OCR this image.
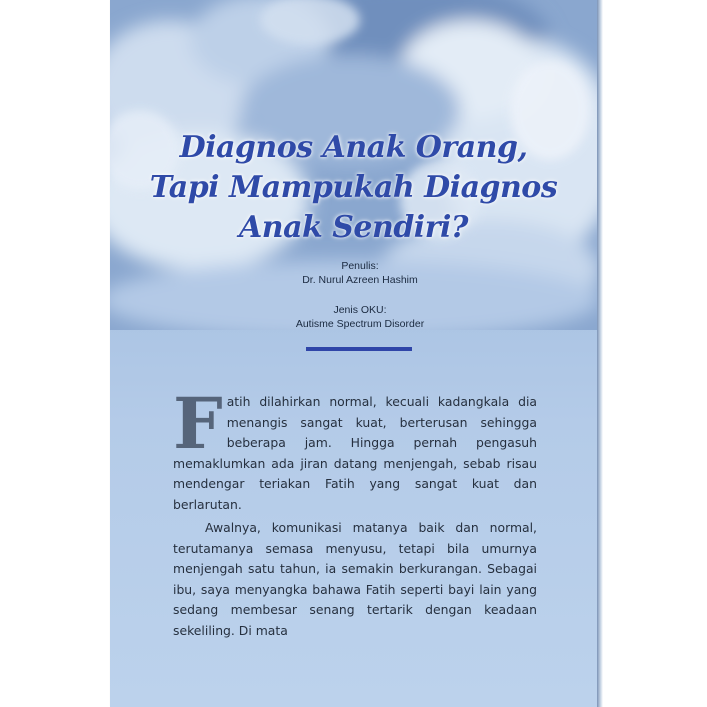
Diagnos Anak Orang,
Tapi Mampukah Diagnos
Anak Sendiri?
Penulis:
Dr. Nurul Azreen Hashim
Jenis OKU:
Autisme Spectrum Disorder
Fatih dilahirkan normal, kecuali kadangkala dia menangis sangat kuat, berterusan sehingga beberapa jam. Hingga pernah pengasuh memaklumkan ada jiran datang menjengah, sebab risau mendengar teriakan Fatih yang sangat kuat dan berlarutan.
Awalnya, komunikasi matanya baik dan normal, terutamanya semasa menyusu, tetapi bila umurnya menjengah satu tahun, ia semakin berkurangan. Sebagai ibu, saya menyangka bahawa Fatih seperti bayi lain yang sedang membesar senang tertarik dengan keadaan sekeliling. Di mata
